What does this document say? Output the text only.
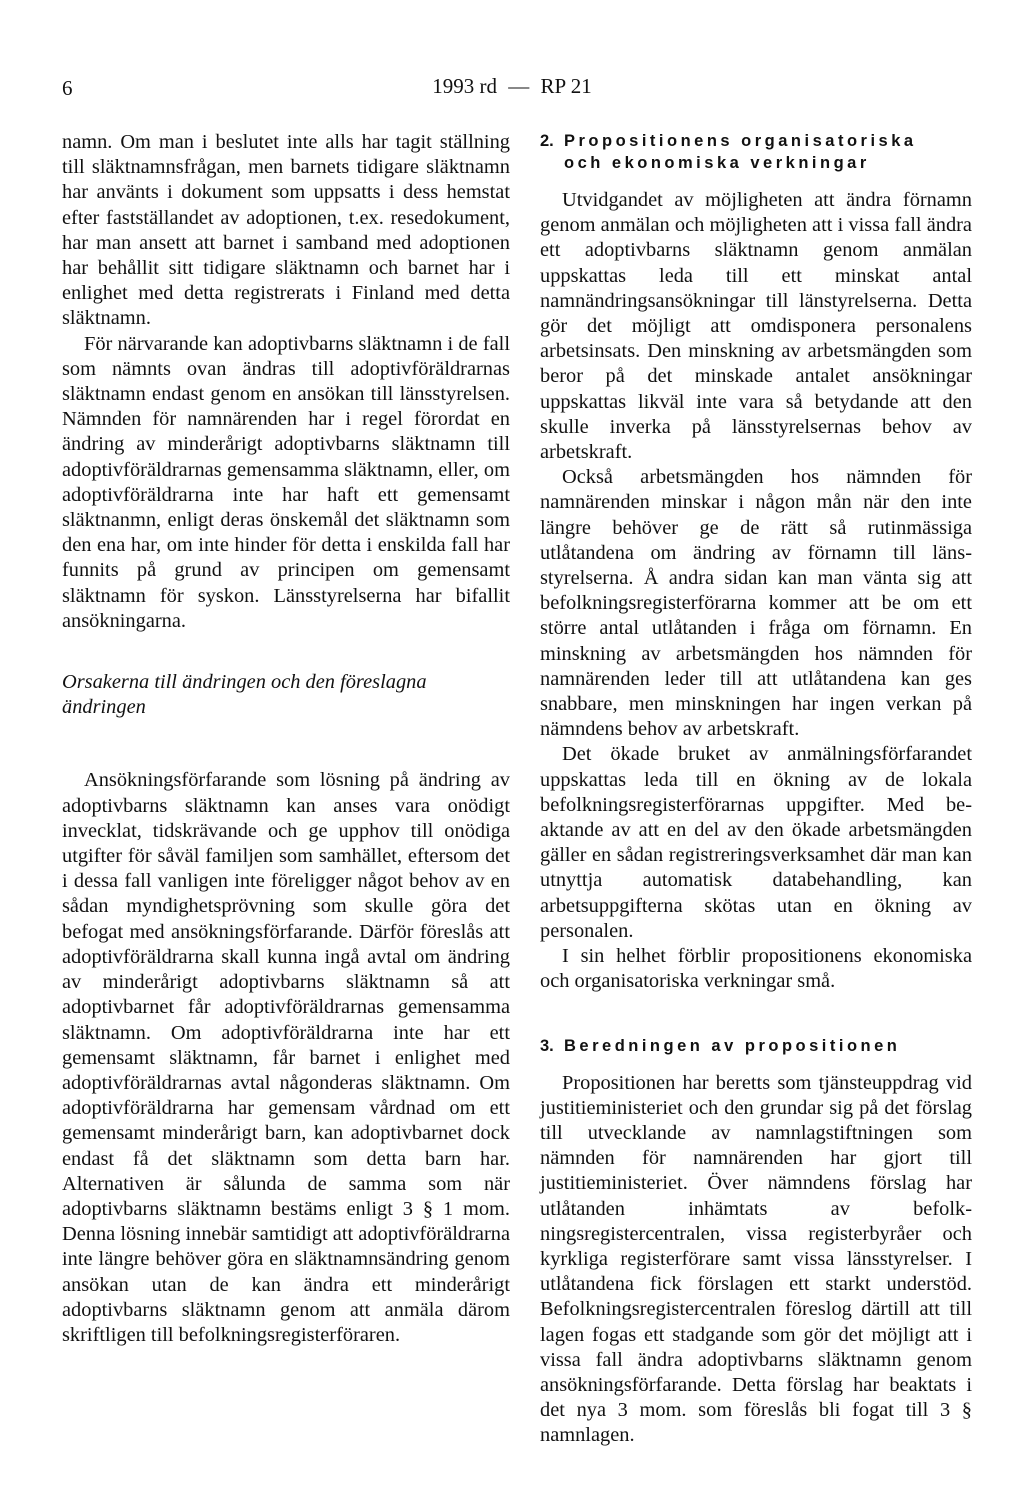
6	1993 rd — RP 21

namn. Om man i beslutet inte alls har tagit ställning till släktnamnsfrågan, men barnets tidigare släktnamn har använts i dokument som uppsatts i dess hemstat efter fastställandet av adoptionen, t.ex. resedokument, har man ansett att barnet i samband med adoptionen har behållit sitt tidigare släktnamn och barnet har i enlighet med detta registrerats i Finland med detta släktnamn.

För närvarande kan adoptivbarns släktnamn i de fall som nämnts ovan ändras till adoptivföräldrarnas släktnamn endast genom en ansökan till länsstyrelsen. Nämnden för namnärenden har i regel förordat en ändring av minderårigt adoptivbarns släktnamn till adoptivföräldrarnas gemensamma släktnamn, eller, om adoptivföräldrarna inte har haft ett gemensamt släktnanmn, enligt deras önskemål det släktnamn som den ena har, om inte hinder för detta i enskilda fall har funnits på grund av principen om gemensamt släktnamn för syskon. Länsstyrelserna har bifallit ansökningarna.

Orsakerna till ändringen och den föreslagna ändringen

Ansökningsförfarande som lösning på ändring av adoptivbarns släktnamn kan anses vara onödigt invecklat, tidskrävande och ge upphov till onödiga utgifter för såväl familjen som samhället, eftersom det i dessa fall vanligen inte föreligger något behov av en sådan myndighetsprövning som skulle göra det befogat med ansökningsförfarande. Därför föreslås att adoptivföräldrarna skall kunna ingå avtal om ändring av minderårigt adoptivbarns släktnamn så att adoptivbarnet får adoptivföräldrarnas gemensamma släktnamn. Om adoptivföräldrarna inte har ett gemensamt släktnamn, får barnet i enlighet med adoptivföräldrarnas avtal någonderas släktnamn. Om adoptivföräldrarna har gemensam vårdnad om ett gemensamt minderårigt barn, kan adoptivbarnet dock endast få det släktnamn som detta barn har. Alternativen är sålunda de samma som när adoptivbarns släktnamn bestäms enligt 3 § 1 mom. Denna lösning innebär samtidigt att adoptivföräldrarna inte längre behöver göra en släktnamnsändring genom ansökan utan de kan ändra ett minderårigt adoptivbarns släktnamn genom att anmäla därom skriftligen till befolkningsregisterföraren.

2. Propositionens organisatoriska
och ekonomiska verkningar

Utvidgandet av möjligheten att ändra förnamn genom anmälan och möjligheten att i vissa fall ändra ett adoptivbarns släktnamn genom anmälan uppskattas leda till ett minskat antal namnändringsansökningar till länstyrelserna. Detta gör det möjligt att omdisponera personalens arbetsinsats. Den minskning av arbetsmängden som beror på det minskade antalet ansökningar uppskattas likväl inte vara så betydande att den skulle inverka på länsstyrelsernas behov av arbetskraft.

Också arbetsmängden hos nämnden för namnärenden minskar i någon mån när den inte längre behöver ge de rätt så rutinmässiga utlåtandena om ändring av förnamn till länsstyrelserna. Å andra sidan kan man vänta sig att befolkningsregisterförarna kommer att be om ett större antal utlåtanden i fråga om förnamn. En minskning av arbetsmängden hos nämnden för namnärenden leder till att utlåtandena kan ges snabbare, men minskningen har ingen verkan på nämndens behov av arbetskraft.

Det ökade bruket av anmälningsförfarandet uppskattas leda till en ökning av de lokala befolkningsregisterförarnas uppgifter. Med beaktande av att en del av den ökade arbetsmängden gäller en sådan registreringsverksamhet där man kan utnyttja automatisk databehandling, kan arbetsuppgifterna skötas utan en ökning av personalen.

I sin helhet förblir propositionens ekonomiska och organisatoriska verkningar små.

3. Beredningen av propositionen

Propositionen har beretts som tjänsteuppdrag vid justitieministeriet och den grundar sig på det förslag till utvecklande av namnlagstiftningen som nämnden för namnärenden har gjort till justitieministeriet. Över nämndens förslag har utlåtanden inhämtats av befolkningsregistercentralen, vissa registerbyråer och kyrkliga registerförare samt vissa länsstyrelser. I utlåtandena fick förslagen ett starkt understöd. Befolkningsregistercentralen föreslog därtill att till lagen fogas ett stadgande som gör det möjligt att i vissa fall ändra adoptivbarns släktnamn genom ansökningsförfarande. Detta förslag har beaktats i det nya 3 mom. som föreslås bli fogat till 3 § namnlagen.
